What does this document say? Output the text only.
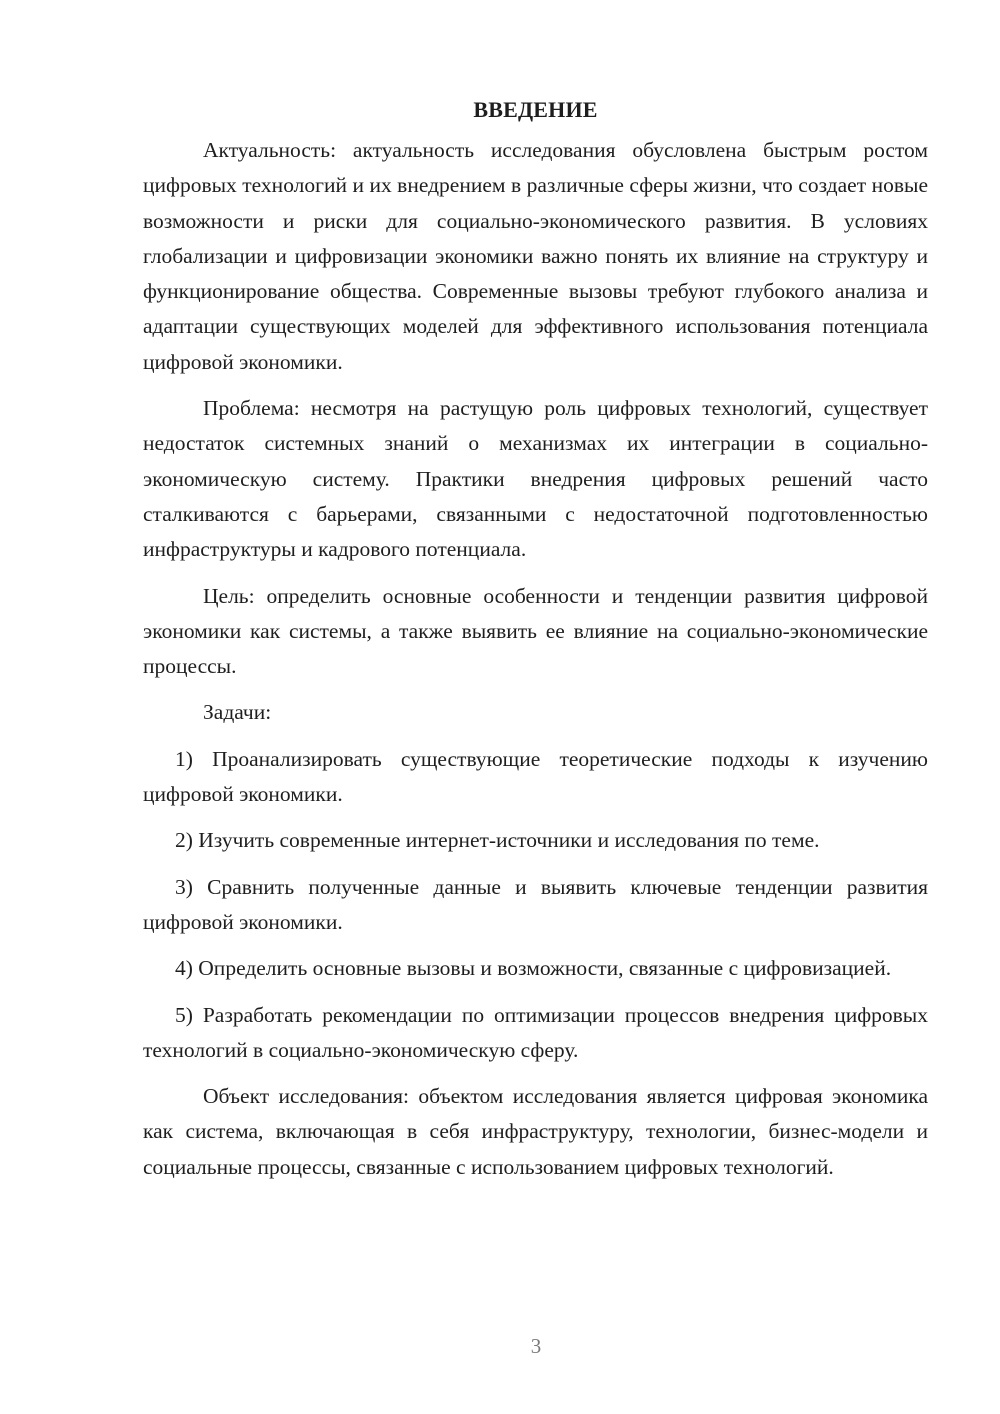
ВВЕДЕНИЕ

Актуальность: актуальность исследования обусловлена быстрым ростом цифровых технологий и их внедрением в различные сферы жизни, что создает новые возможности и риски для социально-экономического развития. В условиях глобализации и цифровизации экономики важно понять их влияние на структуру и функционирование общества. Современные вызовы требуют глубокого анализа и адаптации существующих моделей для эффективного использования потенциала цифровой экономики.

Проблема: несмотря на растущую роль цифровых технологий, существует недостаток системных знаний о механизмах их интеграции в социально-экономическую систему. Практики внедрения цифровых решений часто сталкиваются с барьерами, связанными с недостаточной подготовленностью инфраструктуры и кадрового потенциала.

Цель: определить основные особенности и тенденции развития цифровой экономики как системы, а также выявить ее влияние на социально-экономические процессы.

Задачи:

1) Проанализировать существующие теоретические подходы к изучению цифровой экономики.

2) Изучить современные интернет-источники и исследования по теме.

3) Сравнить полученные данные и выявить ключевые тенденции развития цифровой экономики.

4) Определить основные вызовы и возможности, связанные с цифровизацией.

5) Разработать рекомендации по оптимизации процессов внедрения цифровых технологий в социально-экономическую сферу.

Объект исследования: объектом исследования является цифровая экономика как система, включающая в себя инфраструктуру, технологии, бизнес-модели и социальные процессы, связанные с использованием цифровых технологий.

3
